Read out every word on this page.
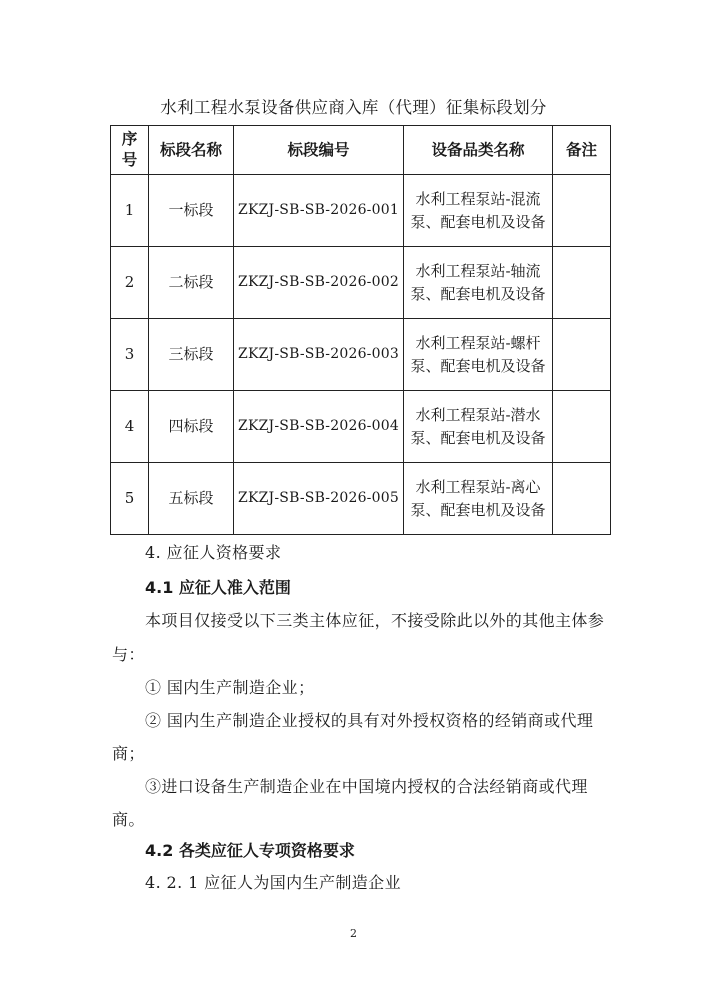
水利工程水泵设备供应商入库（代理）征集标段划分
序号	标段名称	标段编号	设备品类名称	备注
1	一标段	ZKZJ-SB-SB-2026-001	水利工程泵站-混流泵、配套电机及设备	
2	二标段	ZKZJ-SB-SB-2026-002	水利工程泵站-轴流泵、配套电机及设备	
3	三标段	ZKZJ-SB-SB-2026-003	水利工程泵站-螺杆泵、配套电机及设备	
4	四标段	ZKZJ-SB-SB-2026-004	水利工程泵站-潜水泵、配套电机及设备	
5	五标段	ZKZJ-SB-SB-2026-005	水利工程泵站-离心泵、配套电机及设备	
4. 应征人资格要求
4.1 应征人准入范围
本项目仅接受以下三类主体应征，不接受除此以外的其他主体参
与：
① 国内生产制造企业；
② 国内生产制造企业授权的具有对外授权资格的经销商或代理
商；
③进口设备生产制造企业在中国境内授权的合法经销商或代理
商。
4.2 各类应征人专项资格要求
4. 2. 1 应征人为国内生产制造企业
2
